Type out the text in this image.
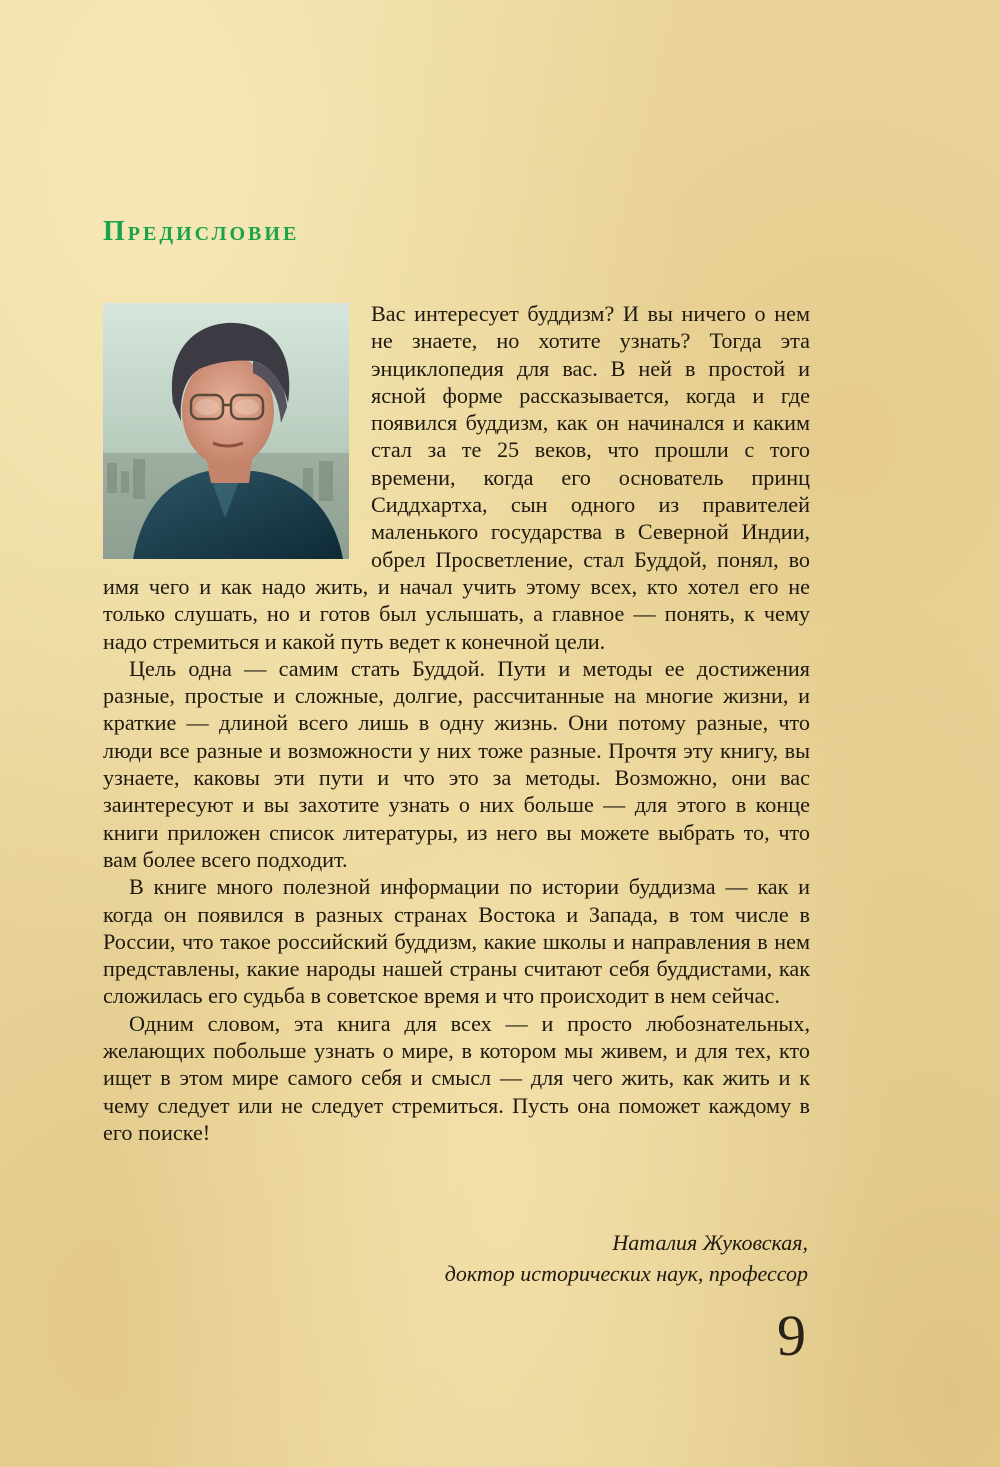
Предисловие

Вас интересует буддизм? И вы ничего о нем не знаете, но хотите узнать? Тогда эта энциклопедия для вас. В ней в простой и ясной форме рассказывается, когда и где появился буддизм, как он начинался и каким стал за те 25 веков, что прошли с того времени, когда его основатель принц Сиддхартха, сын одного из правителей маленького государства в Северной Индии, обрел Просветление, стал Буддой, понял, во имя чего и как надо жить, и начал учить этому всех, кто хотел его не только слушать, но и готов был услышать, а главное — понять, к чему надо стремиться и какой путь ведет к конечной цели.

Цель одна — самим стать Буддой. Пути и методы ее достижения разные, простые и сложные, долгие, рассчитанные на многие жизни, и краткие — длиной всего лишь в одну жизнь. Они потому разные, что люди все разные и возможности у них тоже разные. Прочтя эту книгу, вы узнаете, каковы эти пути и что это за методы. Возможно, они вас заинтересуют и вы захотите узнать о них больше — для этого в конце книги приложен список литературы, из него вы можете выбрать то, что вам более всего подходит.

В книге много полезной информации по истории буддизма — как и когда он появился в разных странах Востока и Запада, в том числе в России, что такое российский буддизм, какие школы и направления в нем представлены, какие народы нашей страны считают себя буддистами, как сложилась его судьба в советское время и что происходит в нем сейчас.

Одним словом, эта книга для всех — и просто любознательных, желающих побольше узнать о мире, в котором мы живем, и для тех, кто ищет в этом мире самого себя и смысл — для чего жить, как жить и к чему следует или не следует стремиться. Пусть она поможет каждому в его поиске!

Наталия Жуковская,
доктор исторических наук, профессор
9
